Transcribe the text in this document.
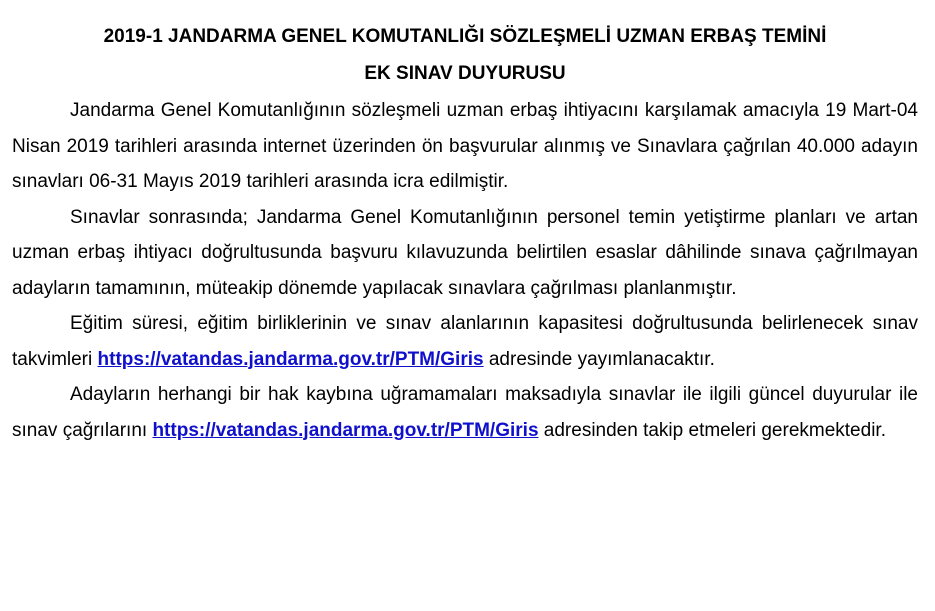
2019-1 JANDARMA GENEL KOMUTANLIĞI SÖZLEŞMELİ UZMAN ERBAŞ TEMİNİ
EK SINAV DUYURUSU

Jandarma Genel Komutanlığının sözleşmeli uzman erbaş ihtiyacını karşılamak amacıyla 19 Mart-04 Nisan 2019 tarihleri arasında internet üzerinden ön başvurular alınmış ve Sınavlara çağrılan 40.000 adayın sınavları 06-31 Mayıs 2019 tarihleri arasında icra edilmiştir.

Sınavlar sonrasında; Jandarma Genel Komutanlığının personel temin yetiştirme planları ve artan uzman erbaş ihtiyacı doğrultusunda başvuru kılavuzunda belirtilen esaslar dâhilinde sınava çağrılmayan adayların tamamının, müteakip dönemde yapılacak sınavlara çağrılması planlanmıştır.

Eğitim süresi, eğitim birliklerinin ve sınav alanlarının kapasitesi doğrultusunda belirlenecek sınav takvimleri https://vatandas.jandarma.gov.tr/PTM/Giris adresinde yayımlanacaktır.

Adayların herhangi bir hak kaybına uğramamaları maksadıyla sınavlar ile ilgili güncel duyurular ile sınav çağrılarını https://vatandas.jandarma.gov.tr/PTM/Giris adresinden takip etmeleri gerekmektedir.
